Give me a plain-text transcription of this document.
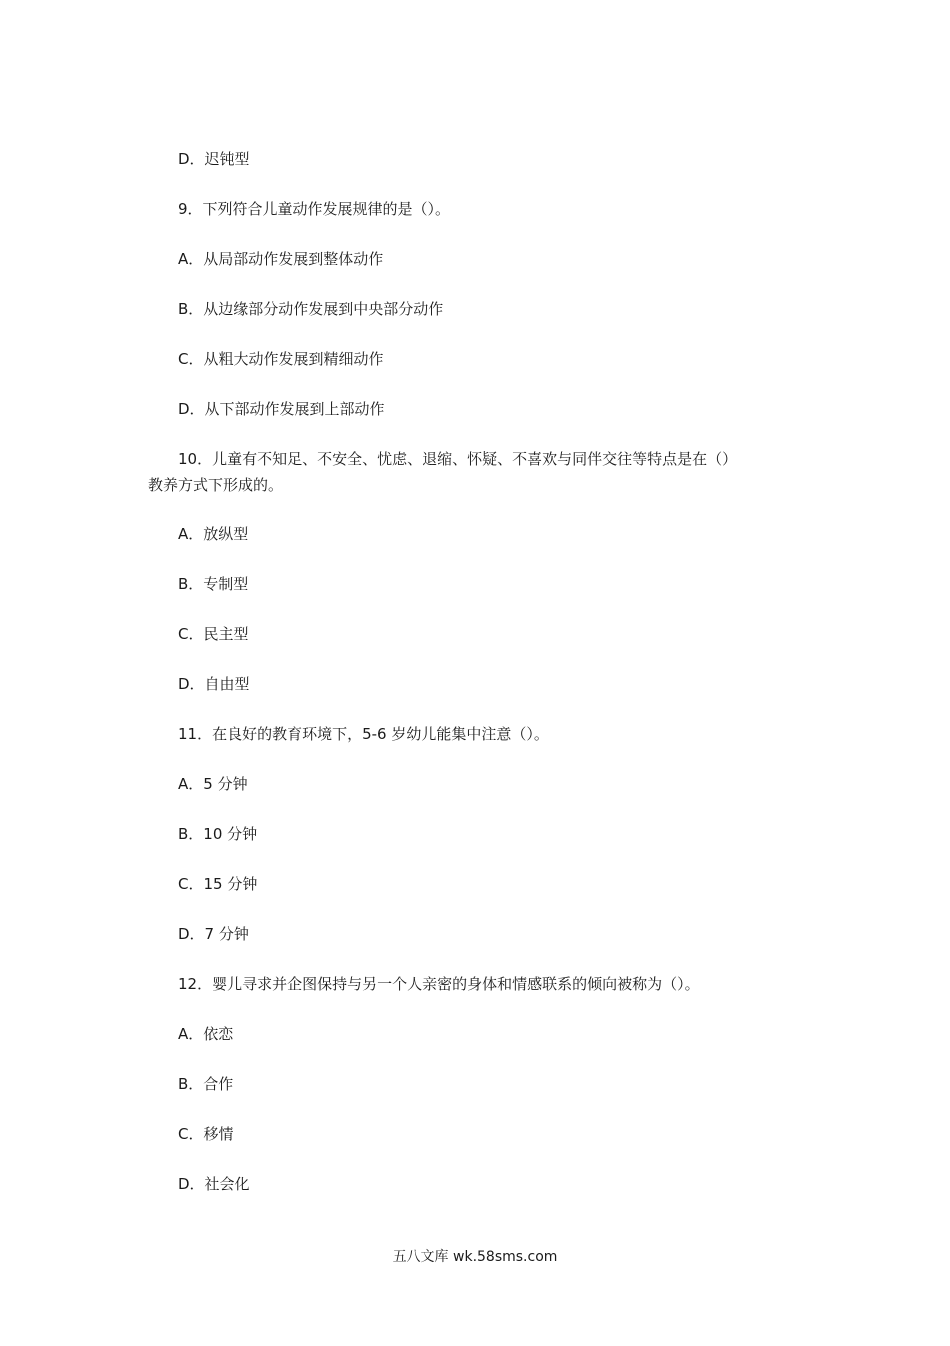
D．迟钝型
9．下列符合儿童动作发展规律的是（）。
A．从局部动作发展到整体动作
B．从边缘部分动作发展到中央部分动作
C．从粗大动作发展到精细动作
D．从下部动作发展到上部动作
10．儿童有不知足、不安全、忧虑、退缩、怀疑、不喜欢与同伴交往等特点是在（）
教养方式下形成的。
A．放纵型
B．专制型
C．民主型
D．自由型
11．在良好的教育环境下，5-6 岁幼儿能集中注意（）。
A．5 分钟
B．10 分钟
C．15 分钟
D．7 分钟
12．婴儿寻求并企图保持与另一个人亲密的身体和情感联系的倾向被称为（）。
A．依恋
B．合作
C．移情
D．社会化
五八文库 wk.58sms.com
